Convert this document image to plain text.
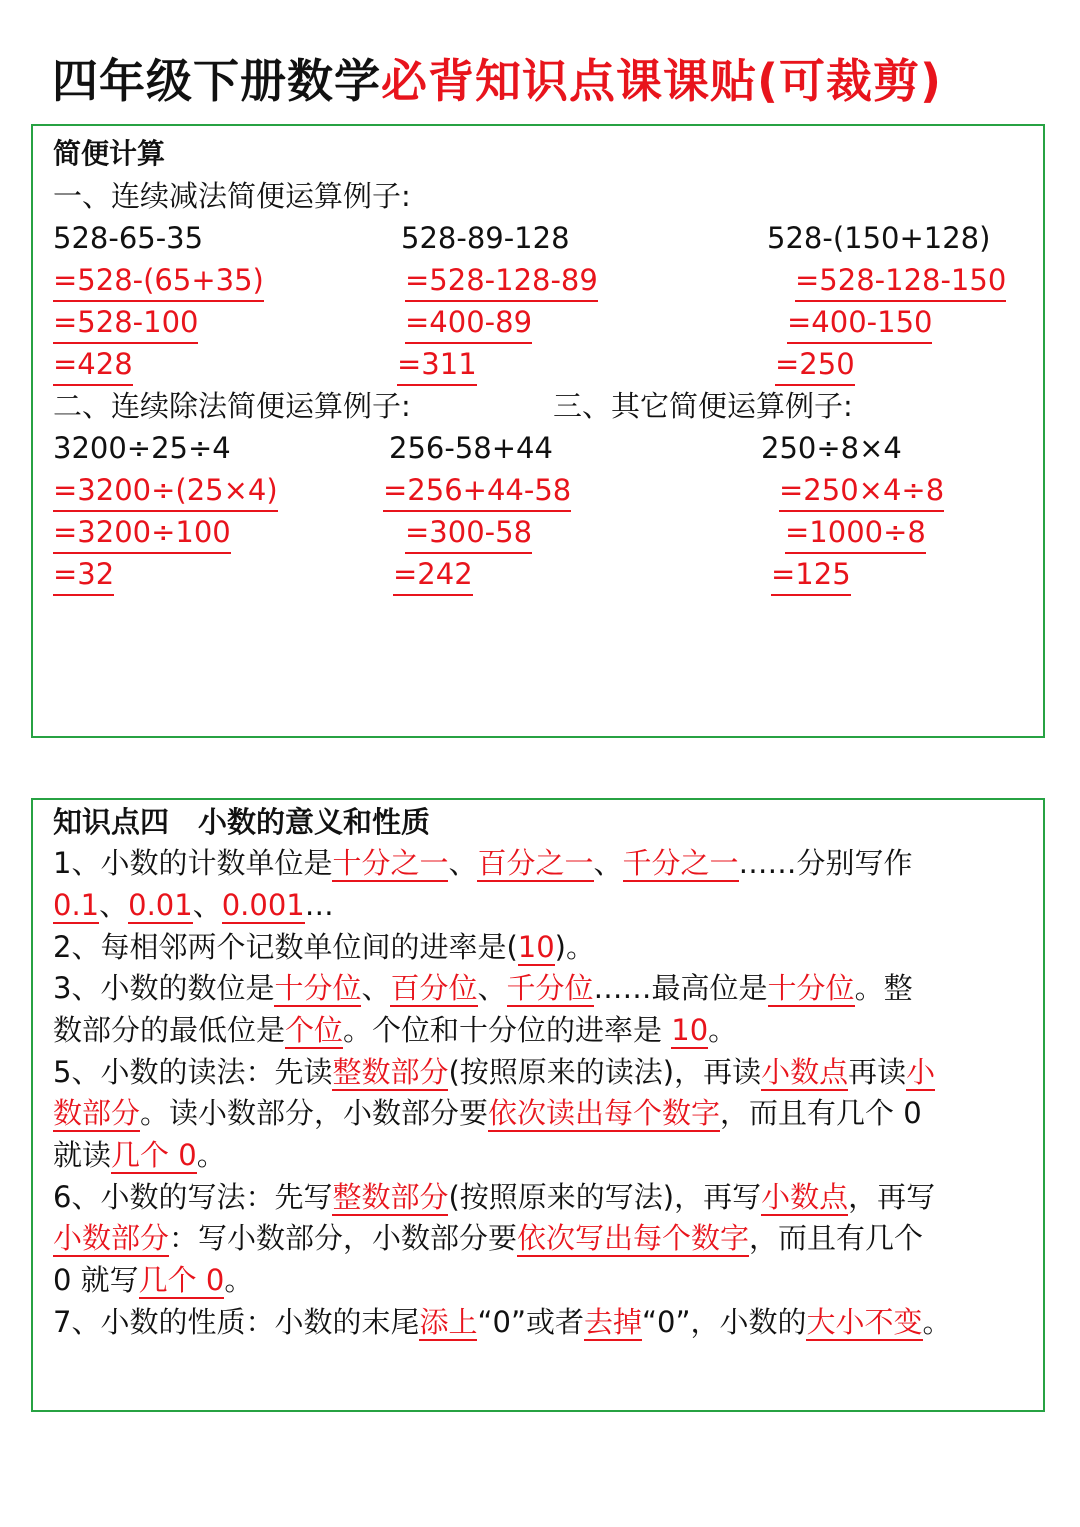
四年级下册数学必背知识点课课贴(可裁剪)
简便计算
一、连续减法简便运算例子:
528-65-35	528-89-128	528-(150+128)
=528-(65+35)	=528-128-89	=528-128-150
=528-100	=400-89	=400-150
=428	=311	=250
二、连续除法简便运算例子:	三、其它简便运算例子:
3200÷25÷4	256-58+44	250÷8×4
=3200÷(25×4)	=256+44-58	=250×4÷8
=3200÷100	=300-58	=1000÷8
=32	=242	=125
知识点四　小数的意义和性质
1、小数的计数单位是十分之一、百分之一、千分之一……分别写作
0.1、0.01、0.001…
2、每相邻两个记数单位间的进率是(10)。
3、小数的数位是十分位、百分位、千分位……最高位是十分位。整
数部分的最低位是个位。个位和十分位的进率是 10。
5、小数的读法：先读整数部分(按照原来的读法)，再读小数点再读小
数部分。读小数部分，小数部分要依次读出每个数字，而且有几个 0
就读几个 0。
6、小数的写法：先写整数部分(按照原来的写法)，再写小数点，再写
小数部分：写小数部分，小数部分要依次写出每个数字，而且有几个
0 就写几个 0。
7、小数的性质：小数的末尾添上“0”或者去掉“0”，小数的大小不变。
